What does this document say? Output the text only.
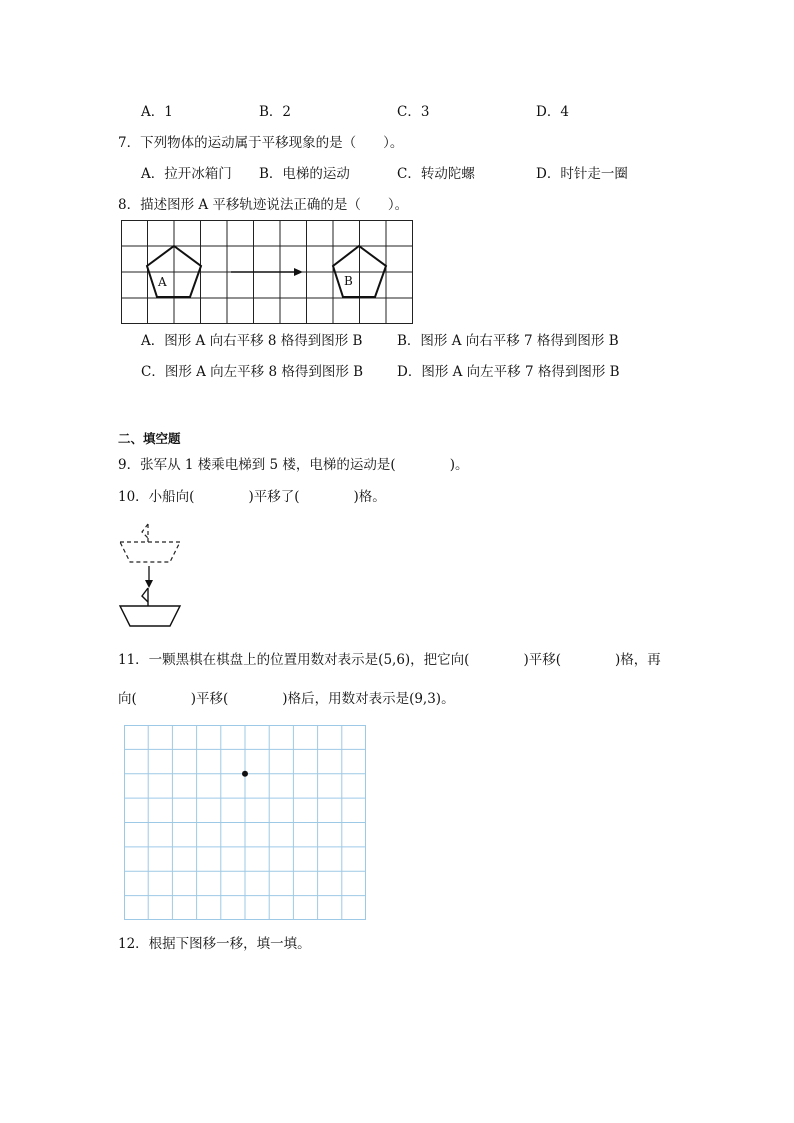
A．1	B．2	C．3	D．4
7．下列物体的运动属于平移现象的是（　　）。
A．拉开冰箱门 B．电梯的运动	C．转动陀螺	D．时针走一圈
8．描述图形 A 平移轨迹说法正确的是（　　）。
A	B
A．图形 A 向右平移 8 格得到图形 B	B．图形 A 向右平移 7 格得到图形 B
C．图形 A 向左平移 8 格得到图形 B	D．图形 A 向左平移 7 格得到图形 B
二、填空题
9．张军从 1 楼乘电梯到 5 楼，电梯的运动是(　　　　)。
10．小船向(　　　　)平移了(　　　　)格。
11．一颗黑棋在棋盘上的位置用数对表示是(5,6)，把它向(　　　　)平移(　　　　)格，再
向(　　　　)平移(　　　　)格后，用数对表示是(9,3)。
12．根据下图移一移，填一填。
